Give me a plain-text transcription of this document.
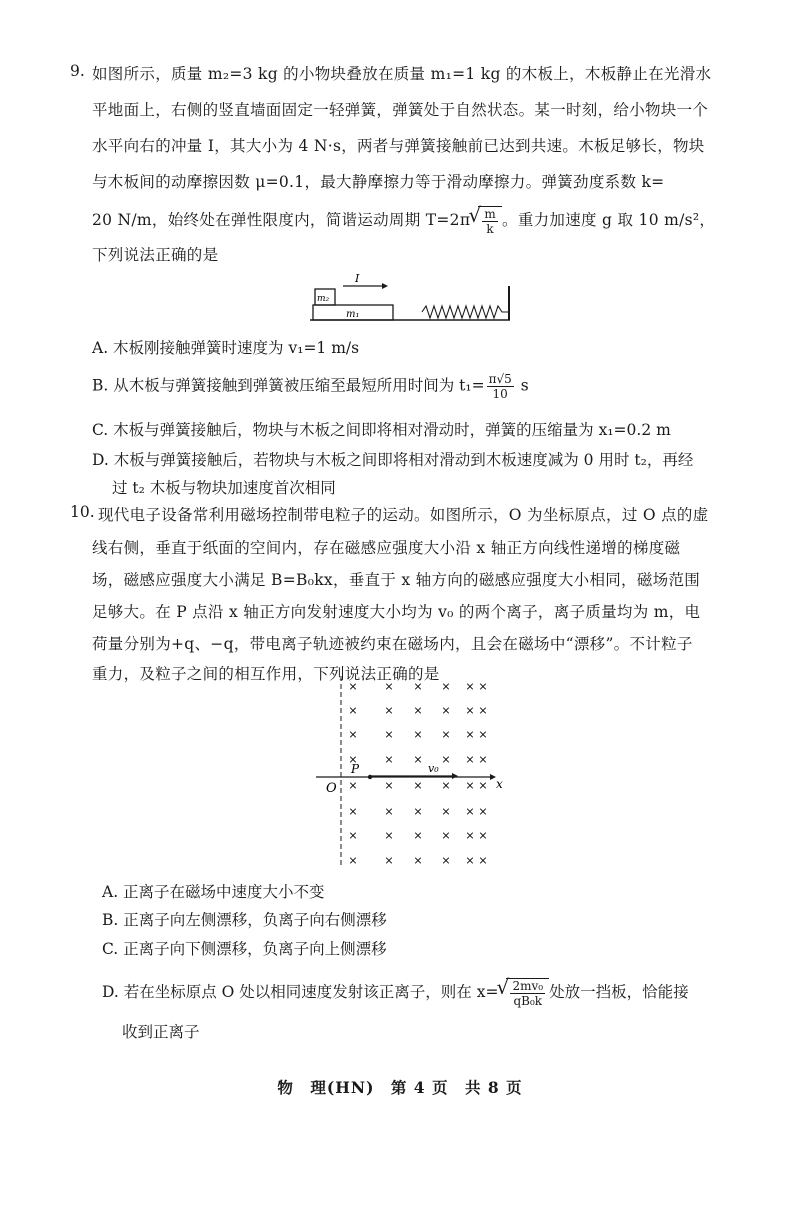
9. 如图所示，质量 m₂=3 kg 的小物块叠放在质量 m₁=1 kg 的木板上，木板静止在光滑水
平地面上，右侧的竖直墙面固定一轻弹簧，弹簧处于自然状态。某一时刻，给小物块一个
水平向右的冲量 I，其大小为 4 N·s，两者与弹簧接触前已达到共速。木板足够长，物块
与木板间的动摩擦因数 μ=0.1，最大静摩擦力等于滑动摩擦力。弹簧劲度系数 k=
20 N/m，始终处在弹性限度内，简谐运动周期 T=2π √ $\frac{m}{k}$ 。重力加速度 g 取 10 m/s²，
下列说法正确的是
m₁
m₂
I
A. 木板刚接触弹簧时速度为 v₁=1 m/s
B. 从木板与弹簧接触到弹簧被压缩至最短所用时间为 $t_1= \frac{\pi√5}{10}$ s
C. 木板与弹簧接触后，物块与木板之间即将相对滑动时，弹簧的压缩量为 x₁=0.2 m
D. 木板与弹簧接触后，若物块与木板之间即将相对滑动到木板速度减为 0 用时 t₂，再经
过 t₂ 木板与物块加速度首次相同
10. 现代电子设备常利用磁场控制带电粒子的运动。如图所示，O 为坐标原点，过 O 点的虚
线右侧，垂直于纸面的空间内，存在磁感应强度大小沿 x 轴正方向线性递增的梯度磁
场，磁感应强度大小满足 B=B₀kx，垂直于 x 轴方向的磁感应强度大小相同，磁场范围
足够大。在 P 点沿 x 轴正方向发射速度大小均为 v₀ 的两个离子，离子质量均为 m，电
荷量分别为+q、−q，带电离子轨迹被约束在磁场内，且会在磁场中“漂移”。不计粒子
重力，及粒子之间的相互作用，下列说法正确的是
x
O
P	v₀
× × × × × ×
× × × × × ×
× × × × × ×
× × × × × ×
× × × × × ×
× × × × × ×
× × × × × ×
× × × × × ×
A. 正离子在磁场中速度大小不变
B. 正离子向左侧漂移，负离子向右侧漂移
C. 正离子向下侧漂移，负离子向上侧漂移
D. 若在坐标原点 O 处以相同速度发射该正离子，则在 x= √ $\frac{\text{2mv₀}}{\text{qB₀k}}$ 处放一挡板，恰能接
收到正离子
物　理(HN)　第 4 页　共 8 页
